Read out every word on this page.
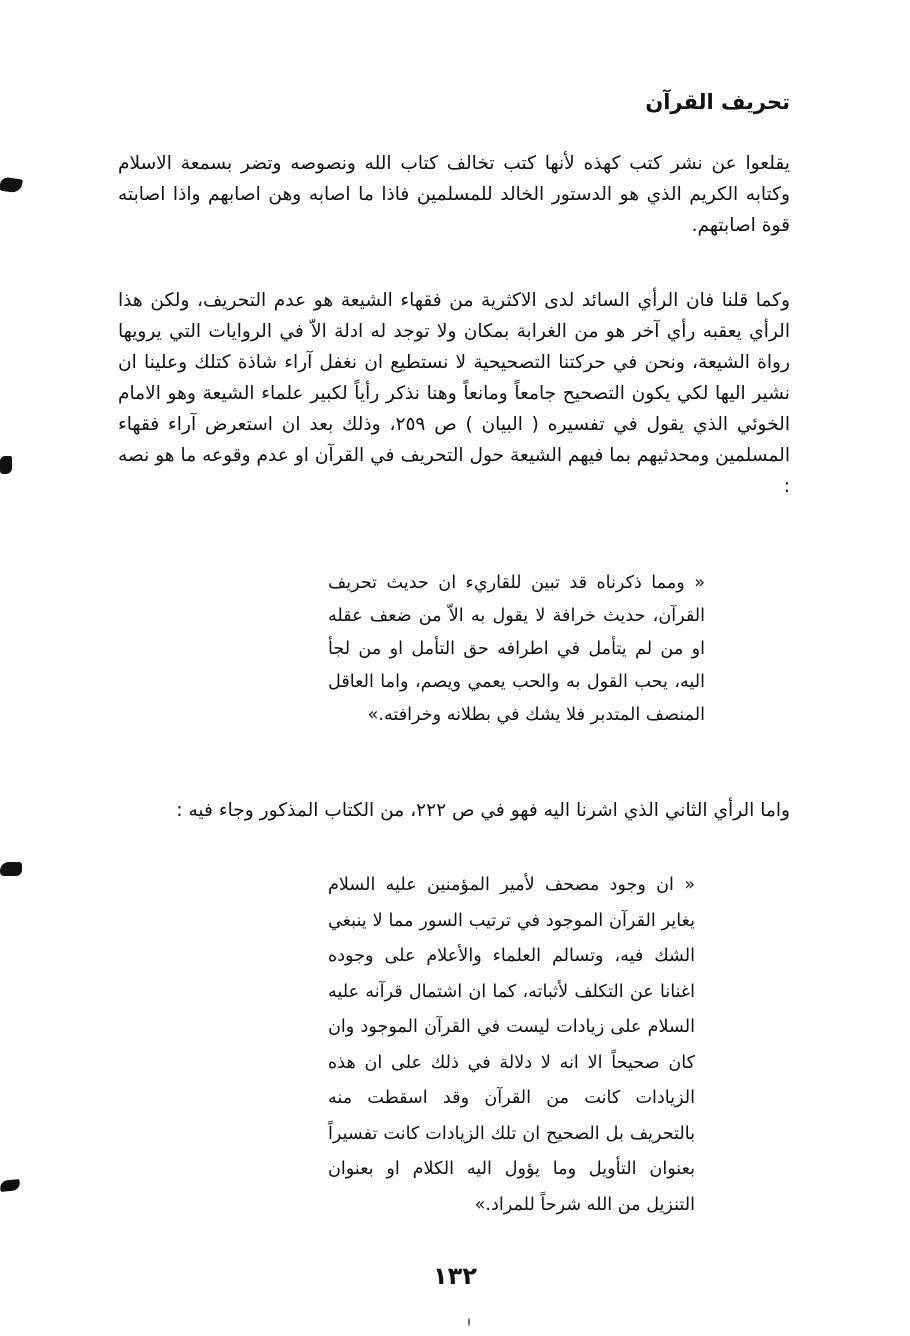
تحريف القرآن
يقلعوا عن نشر كتب كهذه لأنها كتب تخالف كتاب الله ونصوصه وتضر بسمعة الاسلام وكتابه الكريم الذي هو الدستور الخالد للمسلمين فاذا ما اصابه وهن اصابهم واذا اصابته قوة اصابتهم.
وكما قلنا فان الرأي السائد لدى الاكثرية من فقهاء الشيعة هو عدم التحريف، ولكن هذا الرأي يعقبه رأي آخر هو من الغرابة بمكان ولا توجد له ادلة الاّ في الروايات التي يرويها رواة الشيعة، ونحن في حركتنا التصحيحية لا نستطيع ان نغفل آراء شاذة كتلك وعلينا ان نشير اليها لكي يكون التصحيح جامعاً ومانعاً وهنا نذكر رأياً لكبير علماء الشيعة وهو الامام الخوئي الذي يقول في تفسيره ( البيان ) ص ٢٥٩، وذلك بعد ان استعرض آراء فقهاء المسلمين ومحدثيهم بما فيهم الشيعة حول التحريف في القرآن او عدم وقوعه ما هو نصه :
« ومما ذكرناه قد تبين للقاريء ان حديث تحريف القرآن، حديث خرافة لا يقول به الاّ من ضعف عقله او من لم يتأمل في اطرافه حق التأمل او من لجأ اليه، يحب القول به والحب يعمي ويصم، واما العاقل المنصف المتدبر فلا يشك في بطلانه وخرافته.»
واما الرأي الثاني الذي اشرنا اليه فهو في ص ٢٢٢، من الكتاب المذكور وجاء فيه :
« ان وجود مصحف لأمير المؤمنين عليه السلام يغاير القرآن الموجود في ترتيب السور مما لا ينبغي الشك فيه، وتسالم العلماء والأعلام على وجوده اغنانا عن التكلف لأثباته، كما ان اشتمال قرآنه عليه السلام على زيادات ليست في القرآن الموجود وان كان صحيحاً الا انه لا دلالة في ذلك على ان هذه الزيادات كانت من القرآن وقد اسقطت منه بالتحريف بل الصحيح ان تلك الزيادات كانت تفسيراً بعنوان التأويل وما يؤول اليه الكلام او بعنوان التنزيل من الله شرحاً للمراد.»
١٣٢
